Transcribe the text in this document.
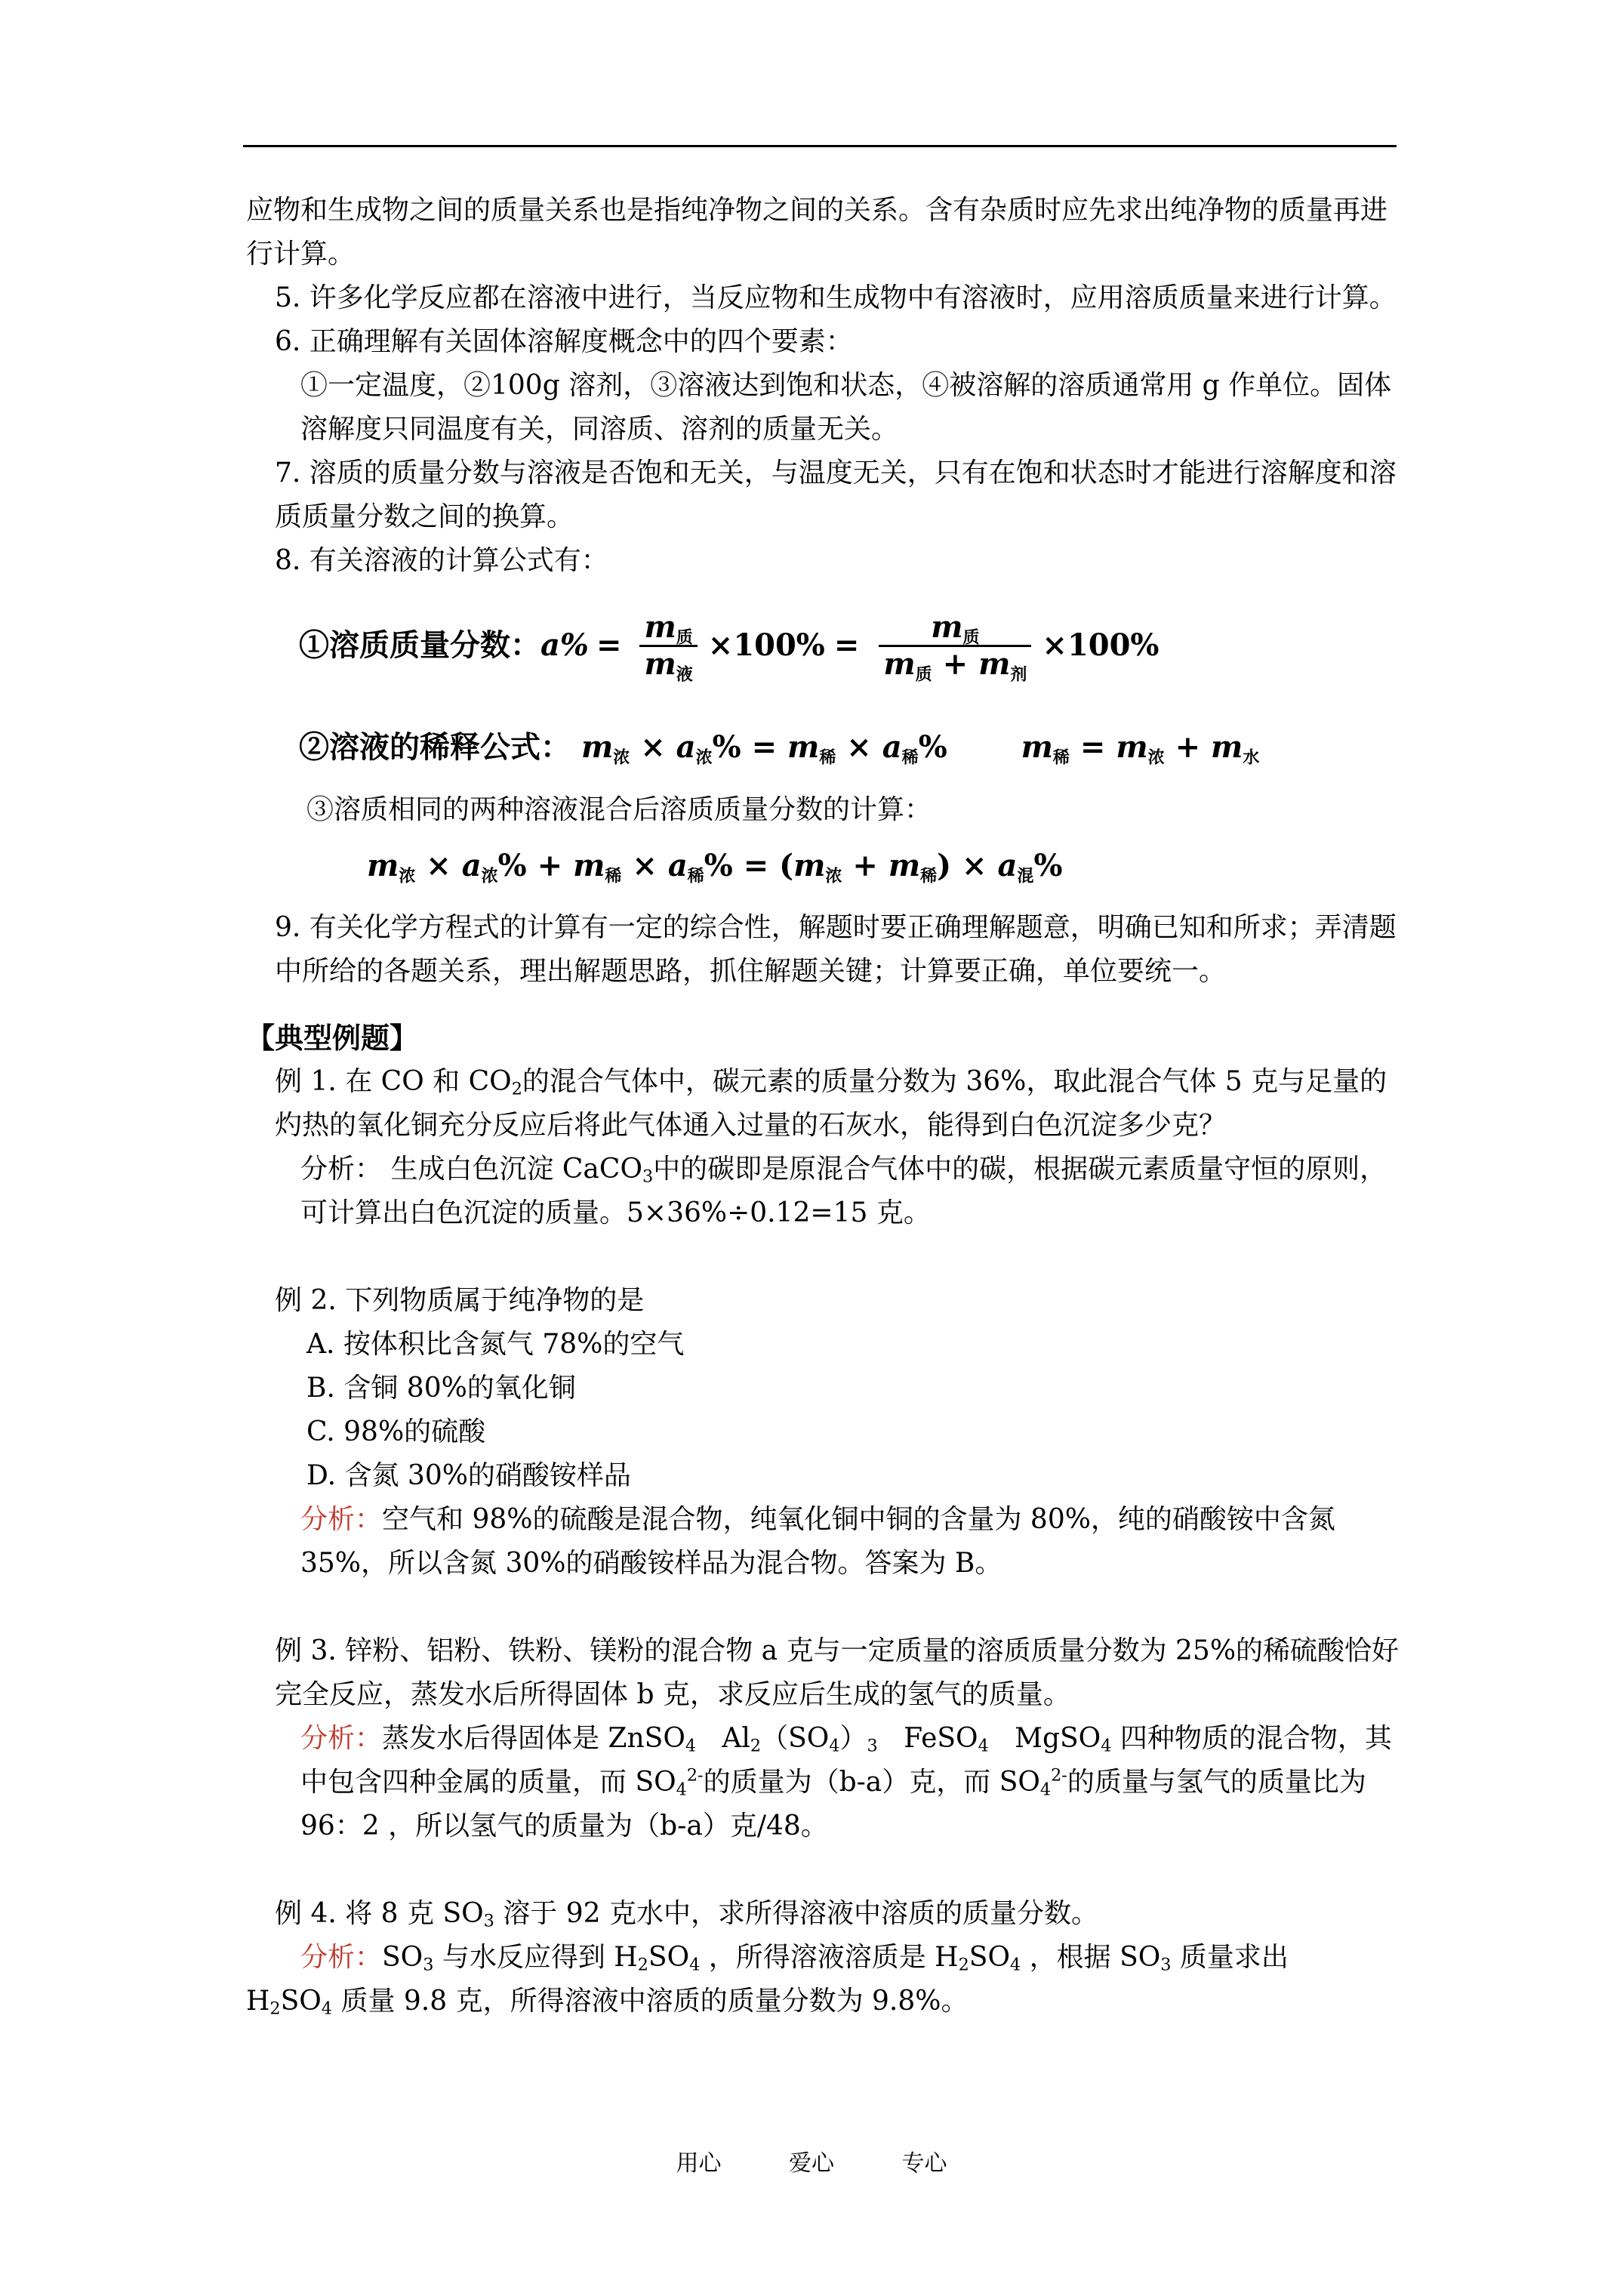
应物和生成物之间的质量关系也是指纯净物之间的关系。含有杂质时应先求出纯净物的质量再进行计算。

5. 许多化学反应都在溶液中进行，当反应物和生成物中有溶液时，应用溶质质量来进行计算。

6. 正确理解有关固体溶解度概念中的四个要素：

①一定温度，②100g 溶剂，③溶液达到饱和状态，④被溶解的溶质通常用 g 作单位。固体溶解度只同温度有关，同溶质、溶剂的质量无关。

7. 溶质的质量分数与溶液是否饱和无关，与温度无关，只有在饱和状态时才能进行溶解度和溶质质量分数之间的换算。

8. 有关溶液的计算公式有：

①溶质质量分数： $a\% = \frac{\text{m质}}{\text{m液}} \times 100\% = \frac{\text{m质}}{\text{m质 + m剂}} \times 100\%$
②溶液的稀释公式： m浓 × a浓% = m稀 × a稀% m稀 = m浓 + m水

③溶质相同的两种溶液混合后溶质质量分数的计算：

m浓 × a浓% + m稀 × a稀% = (m浓 + m稀) × a混%

9. 有关化学方程式的计算有一定的综合性，解题时要正确理解题意，明确已知和所求；弄清题中所给的各题关系，理出解题思路，抓住解题关键；计算要正确，单位要统一。

【典型例题】

例 1. 在 CO 和 $CO_2$的混合气体中，碳元素的质量分数为 36%，取此混合气体 5 克与足量的灼热的氧化铜充分反应后将此气体通入过量的石灰水，能得到白色沉淀多少克？

分析： 生成白色沉淀 CaCO$_3$中的碳即是原混合气体中的碳，根据碳元素质量守恒的原则，可计算出白色沉淀的质量。5×36%÷0.12=15 克。

例 2. 下列物质属于纯净物的是

A. 按体积比含氮气 78%的空气

B. 含铜 80%的氧化铜

C. 98%的硫酸

D. 含氮 30%的硝酸铵样品

分析：空气和 98%的硫酸是混合物，纯氧化铜中铜的含量为 80%，纯的硝酸铵中含氮 35%，所以含氮 30%的硝酸铵样品为混合物。答案为 B。

例 3. 锌粉、铝粉、铁粉、镁粉的混合物 a 克与一定质量的溶质质量分数为 25%的稀硫酸恰好完全反应，蒸发水后所得固体 b 克，求反应后生成的氢气的质量。

分析：蒸发水后得固体是 ZnSO$_4$ $Al_2(SO_4)_3$ FeSO$_4$ MgSO$_4$ 四种物质的混合物，其中包含四种金属的质量，而 $SO_4^{2-}$的质量为（b-a）克，而 $SO_4^{2-}$的质量与氢气的质量比为 96：2 ，所以氢气的质量为（b-a）克/48。

例 4. 将 8 克 $SO_3$ 溶于 92 克水中，求所得溶液中溶质的质量分数。

分析：$SO_3$ 与水反应得到 $H_2SO_4$ ，所得溶液溶质是 $H_2SO_4$ ，根据 $SO_3$ 质量求出

$H_2SO_4$ 质量 9.8 克，所得溶液中溶质的质量分数为 9.8%。

用心	爱心	专心
